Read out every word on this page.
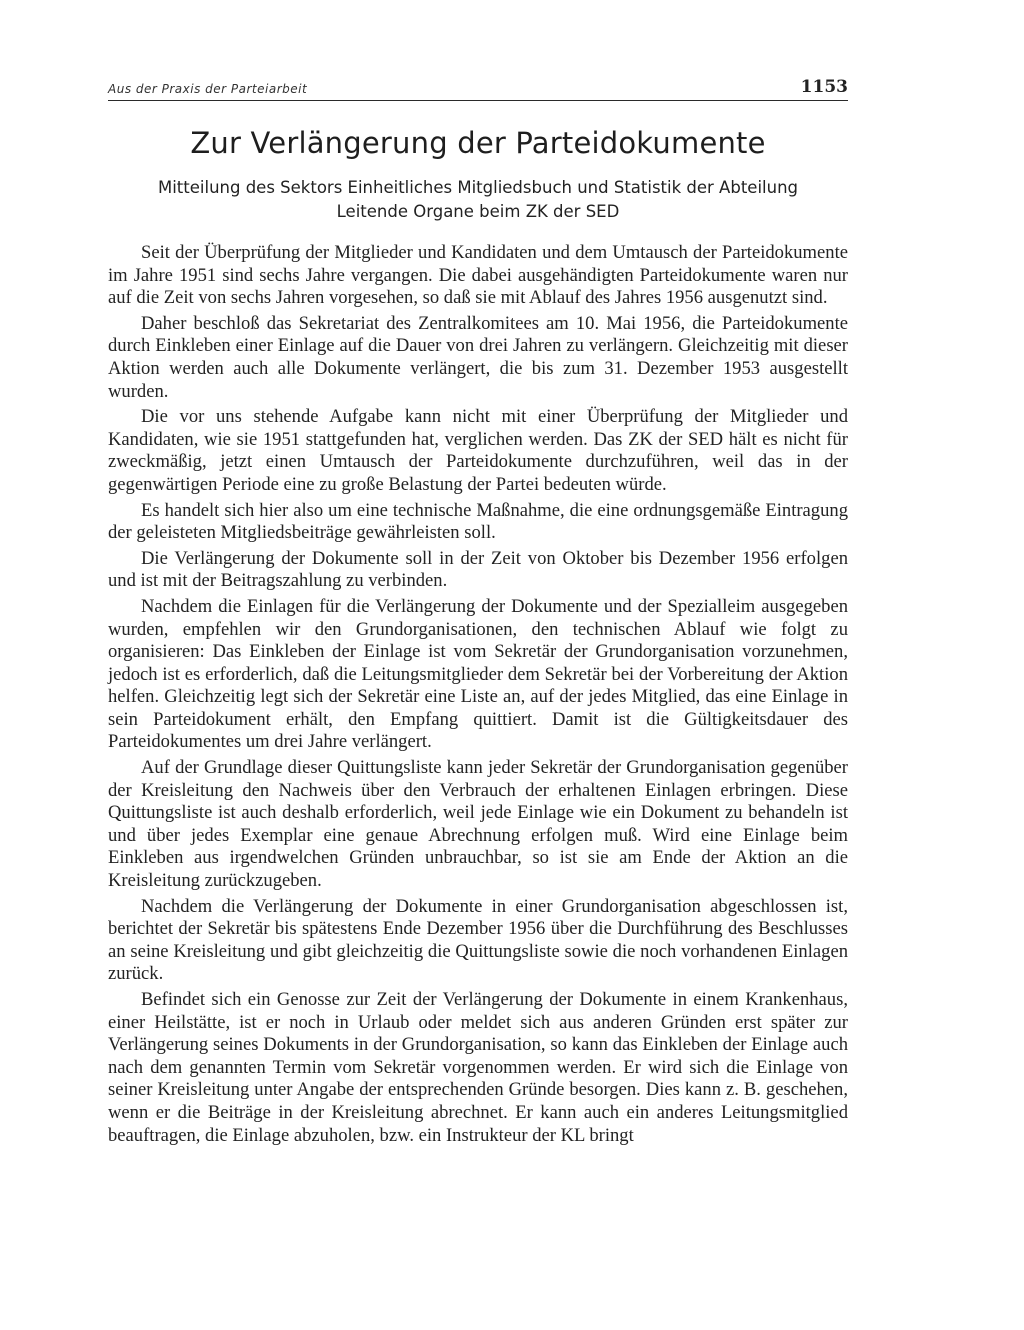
Aus der Praxis der Parteiarbeit	1153
Zur Verlängerung der Parteidokumente
Mitteilung des Sektors Einheitliches Mitgliedsbuch und Statistik der Abteilung
Leitende Organe beim ZK der SED

Seit der Überprüfung der Mitglieder und Kandidaten und dem Umtausch der Parteidokumente im Jahre 1951 sind sechs Jahre vergangen. Die dabei ausgehändigten Parteidokumente waren nur auf die Zeit von sechs Jahren vorgesehen, so daß sie mit Ablauf des Jahres 1956 ausgenutzt sind.

Daher beschloß das Sekretariat des Zentralkomitees am 10. Mai 1956, die Parteidokumente durch Einkleben einer Einlage auf die Dauer von drei Jahren zu verlängern. Gleichzeitig mit dieser Aktion werden auch alle Dokumente verlängert, die bis zum 31. Dezember 1953 ausgestellt wurden.

Die vor uns stehende Aufgabe kann nicht mit einer Überprüfung der Mitglieder und Kandidaten, wie sie 1951 stattgefunden hat, verglichen werden. Das ZK der SED hält es nicht für zweckmäßig, jetzt einen Umtausch der Parteidokumente durchzuführen, weil das in der gegenwärtigen Periode eine zu große Belastung der Partei bedeuten würde.

Es handelt sich hier also um eine technische Maßnahme, die eine ordnungsgemäße Eintragung der geleisteten Mitgliedsbeiträge gewährleisten soll.

Die Verlängerung der Dokumente soll in der Zeit von Oktober bis Dezember 1956 erfolgen und ist mit der Beitragszahlung zu verbinden.

Nachdem die Einlagen für die Verlängerung der Dokumente und der Spezialleim ausgegeben wurden, empfehlen wir den Grundorganisationen, den technischen Ablauf wie folgt zu organisieren: Das Einkleben der Einlage ist vom Sekretär der Grundorganisation vorzunehmen, jedoch ist es erforderlich, daß die Leitungsmitglieder dem Sekretär bei der Vorbereitung der Aktion helfen. Gleichzeitig legt sich der Sekretär eine Liste an, auf der jedes Mitglied, das eine Einlage in sein Parteidokument erhält, den Empfang quittiert. Damit ist die Gültigkeitsdauer des Parteidokumentes um drei Jahre verlängert.

Auf der Grundlage dieser Quittungsliste kann jeder Sekretär der Grundorganisation gegenüber der Kreisleitung den Nachweis über den Verbrauch der erhaltenen Einlagen erbringen. Diese Quittungsliste ist auch deshalb erforderlich, weil jede Einlage wie ein Dokument zu behandeln ist und über jedes Exemplar eine genaue Abrechnung erfolgen muß. Wird eine Einlage beim Einkleben aus irgendwelchen Gründen unbrauchbar, so ist sie am Ende der Aktion an die Kreisleitung zurückzugeben.

Nachdem die Verlängerung der Dokumente in einer Grundorganisation abgeschlossen ist, berichtet der Sekretär bis spätestens Ende Dezember 1956 über die Durchführung des Beschlusses an seine Kreisleitung und gibt gleichzeitig die Quittungsliste sowie die noch vorhandenen Einlagen zurück.

Befindet sich ein Genosse zur Zeit der Verlängerung der Dokumente in einem Krankenhaus, einer Heilstätte, ist er noch in Urlaub oder meldet sich aus anderen Gründen erst später zur Verlängerung seines Dokuments in der Grundorganisation, so kann das Einkleben der Einlage auch nach dem genannten Termin vom Sekretär vorgenommen werden. Er wird sich die Einlage von seiner Kreisleitung unter Angabe der entsprechenden Gründe besorgen. Dies kann z. B. geschehen, wenn er die Beiträge in der Kreisleitung abrechnet. Er kann auch ein anderes Leitungsmitglied beauftragen, die Einlage abzuholen, bzw. ein Instrukteur der KL bringt
